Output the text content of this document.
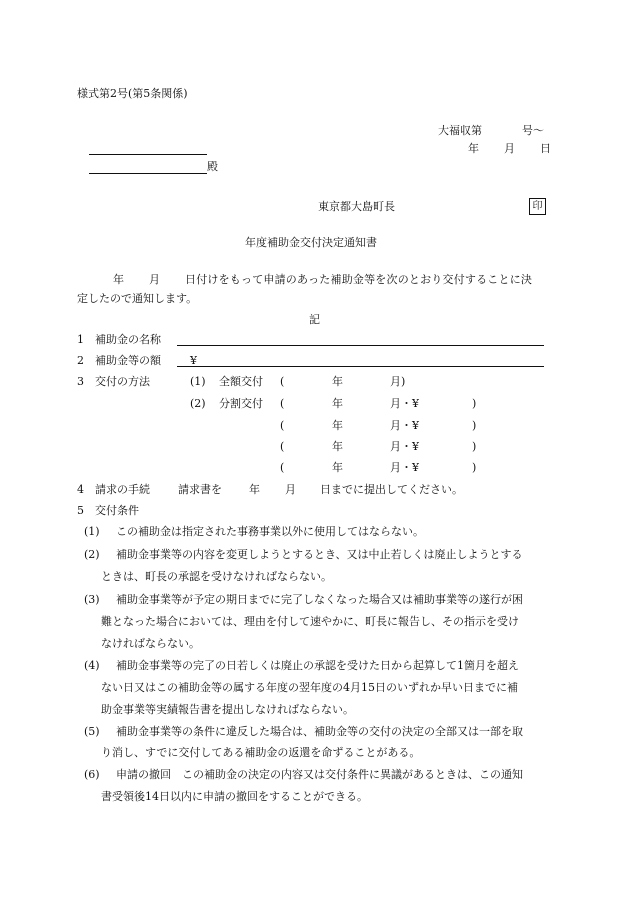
様式第2号(第5条関係)
大福収第	号〜
年 月 日
殿
東京都大島町長	印
年度補助金交付決定通知書
年 月 日付けをもって申請のあった補助金等を次のとおり交付することに決
定したので通知します。
記
1 補助金の名称
2 補助金等の額	¥
3 交付の方法	(1) 全額交付 (	年	月)
(2) 分割交付 (	年	月・¥	)
(	年	月・¥	)
(	年	月・¥	)
(	年	月・¥	)
4 請求の手続	請求書を 年 月 日までに提出してください。
5 交付条件
(1) この補助金は指定された事務事業以外に使用してはならない。
(2) 補助金事業等の内容を変更しようとするとき、又は中止若しくは廃止しようとする
ときは、町長の承認を受けなければならない。
(3) 補助金事業等が予定の期日までに完了しなくなった場合又は補助事業等の遂行が困
難となった場合においては、理由を付して速やかに、町長に報告し、その指示を受け
なければならない。
(4) 補助金事業等の完了の日若しくは廃止の承認を受けた日から起算して1箇月を超え
ない日又はこの補助金等の属する年度の翌年度の4月15日のいずれか早い日までに補
助金事業等実績報告書を提出しなければならない。
(5) 補助金事業等の条件に違反した場合は、補助金等の交付の決定の全部又は一部を取
り消し、すでに交付してある補助金の返還を命ずることがある。
(6) 申請の撤回　この補助金の決定の内容又は交付条件に異議があるときは、この通知
書受領後14日以内に申請の撤回をすることができる。
